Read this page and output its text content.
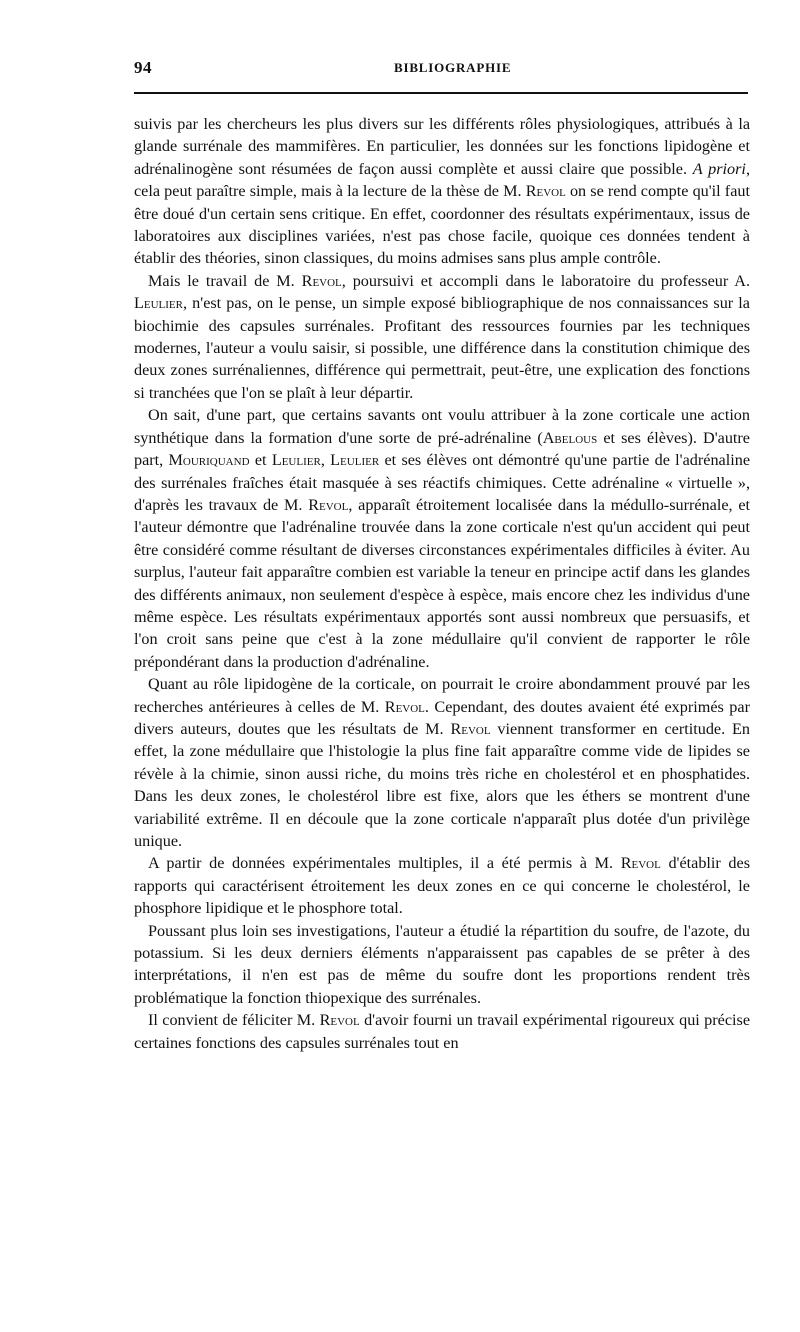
94	BIBLIOGRAPHIE

suivis par les chercheurs les plus divers sur les différents rôles physiologiques, attribués à la glande surrénale des mammifères. En particulier, les données sur les fonctions lipidogène et adrénalinogène sont résumées de façon aussi complète et aussi claire que possible. A priori, cela peut paraître simple, mais à la lecture de la thèse de M. Revol on se rend compte qu'il faut être doué d'un certain sens critique. En effet, coordonner des résultats expérimentaux, issus de laboratoires aux disciplines variées, n'est pas chose facile, quoique ces données tendent à établir des théories, sinon classiques, du moins admises sans plus ample contrôle.

Mais le travail de M. Revol, poursuivi et accompli dans le laboratoire du professeur A. Leulier, n'est pas, on le pense, un simple exposé bibliographique de nos connaissances sur la biochimie des capsules surrénales. Profitant des ressources fournies par les techniques modernes, l'auteur a voulu saisir, si possible, une différence dans la constitution chimique des deux zones surrénaliennes, différence qui permettrait, peut-être, une explication des fonctions si tranchées que l'on se plaît à leur départir.

On sait, d'une part, que certains savants ont voulu attribuer à la zone corticale une action synthétique dans la formation d'une sorte de pré-adrénaline (Abelous et ses élèves). D'autre part, Mouriquand et Leulier, Leulier et ses élèves ont démontré qu'une partie de l'adrénaline des surrénales fraîches était masquée à ses réactifs chimiques. Cette adrénaline « virtuelle », d'après les travaux de M. Revol, apparaît étroitement localisée dans la médullo-surrénale, et l'auteur démontre que l'adrénaline trouvée dans la zone corticale n'est qu'un accident qui peut être considéré comme résultant de diverses circonstances expérimentales difficiles à éviter. Au surplus, l'auteur fait apparaître combien est variable la teneur en principe actif dans les glandes des différents animaux, non seulement d'espèce à espèce, mais encore chez les individus d'une même espèce. Les résultats expérimentaux apportés sont aussi nombreux que persuasifs, et l'on croit sans peine que c'est à la zone médullaire qu'il convient de rapporter le rôle prépondérant dans la production d'adrénaline.

Quant au rôle lipidogène de la corticale, on pourrait le croire abondamment prouvé par les recherches antérieures à celles de M. Revol. Cependant, des doutes avaient été exprimés par divers auteurs, doutes que les résultats de M. Revol viennent transformer en certitude. En effet, la zone médullaire que l'histologie la plus fine fait apparaître comme vide de lipides se révèle à la chimie, sinon aussi riche, du moins très riche en cholestérol et en phosphatides. Dans les deux zones, le cholestérol libre est fixe, alors que les éthers se montrent d'une variabilité extrême. Il en découle que la zone corticale n'apparaît plus dotée d'un privilège unique.

A partir de données expérimentales multiples, il a été permis à M. Revol d'établir des rapports qui caractérisent étroitement les deux zones en ce qui concerne le cholestérol, le phosphore lipidique et le phosphore total.

Poussant plus loin ses investigations, l'auteur a étudié la répartition du soufre, de l'azote, du potassium. Si les deux derniers éléments n'apparaissent pas capables de se prêter à des interprétations, il n'en est pas de même du soufre dont les proportions rendent très problématique la fonction thiopexique des surrénales.

Il convient de féliciter M. Revol d'avoir fourni un travail expérimental rigoureux qui précise certaines fonctions des capsules surrénales tout en
